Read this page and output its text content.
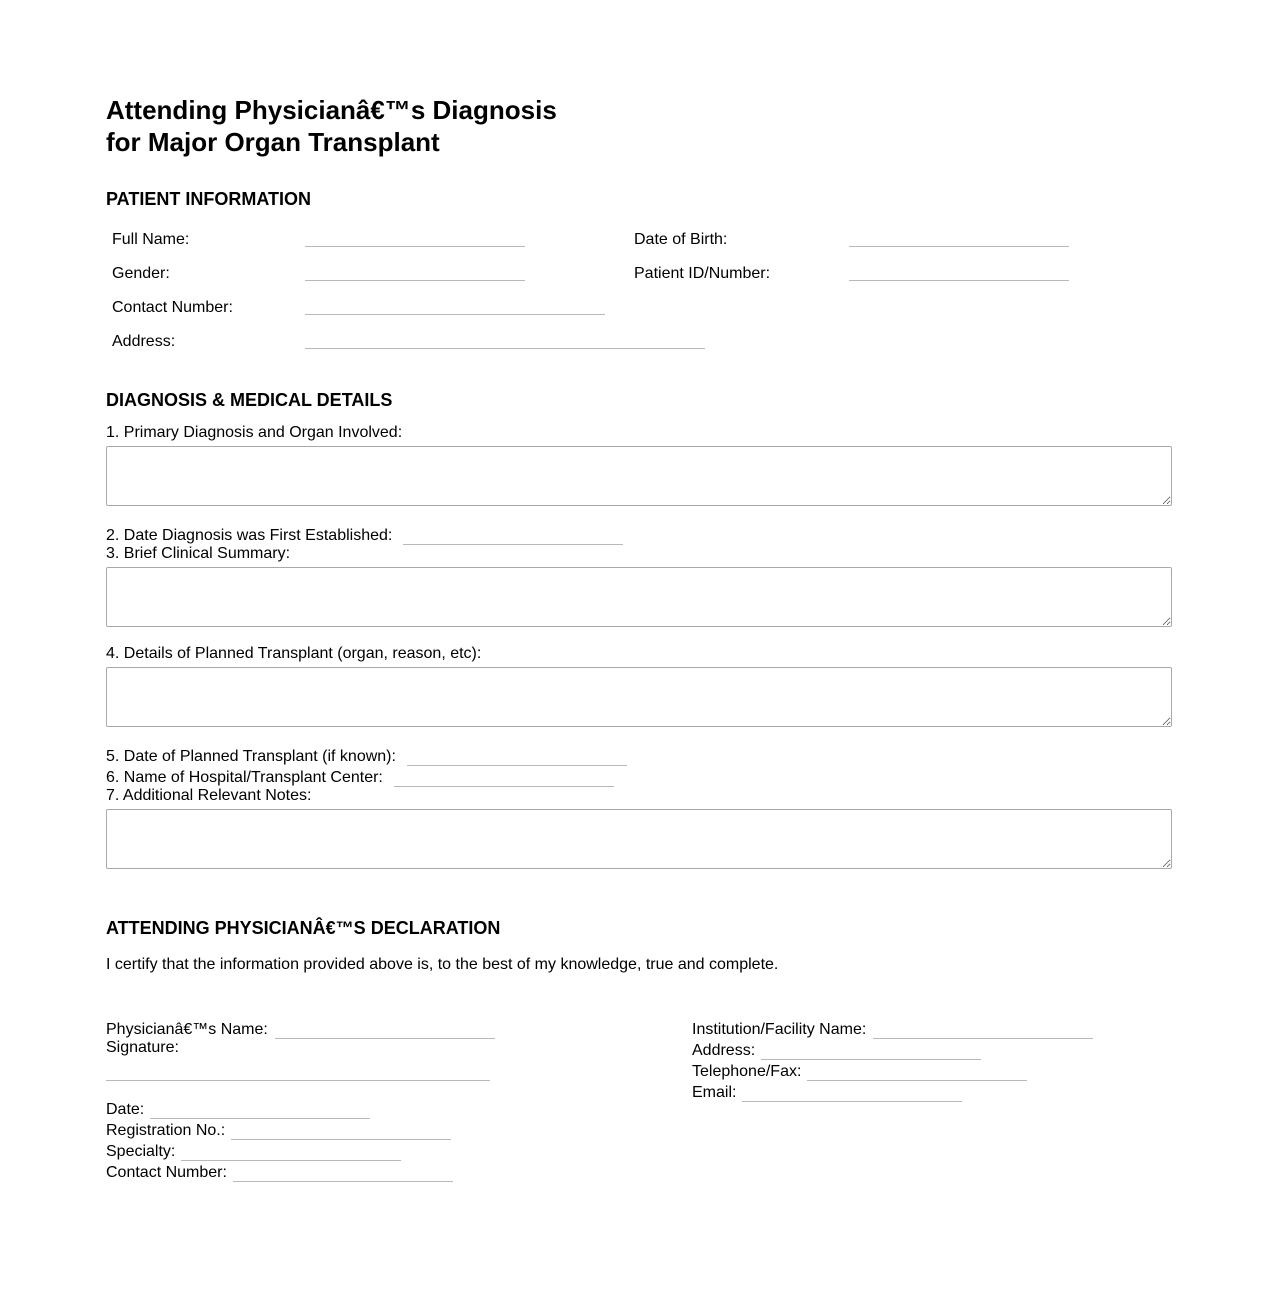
Attending Physicianâ€™s Diagnosis
for Major Organ Transplant
PATIENT INFORMATION
Full Name:	Date of Birth:
Gender:	Patient ID/Number:
Contact Number:
Address:
DIAGNOSIS & MEDICAL DETAILS
1. Primary Diagnosis and Organ Involved:
2. Date Diagnosis was First Established:
3. Brief Clinical Summary:
4. Details of Planned Transplant (organ, reason, etc):
5. Date of Planned Transplant (if known):
6. Name of Hospital/Transplant Center:
7. Additional Relevant Notes:
ATTENDING PHYSICIANÂ€™S DECLARATION
I certify that the information provided above is, to the best of my knowledge, true and complete.
Physicianâ€™s Name:
Signature:
Date:
Registration No.:
Specialty:
Contact Number:
Institution/Facility Name:
Address:
Telephone/Fax:
Email:
